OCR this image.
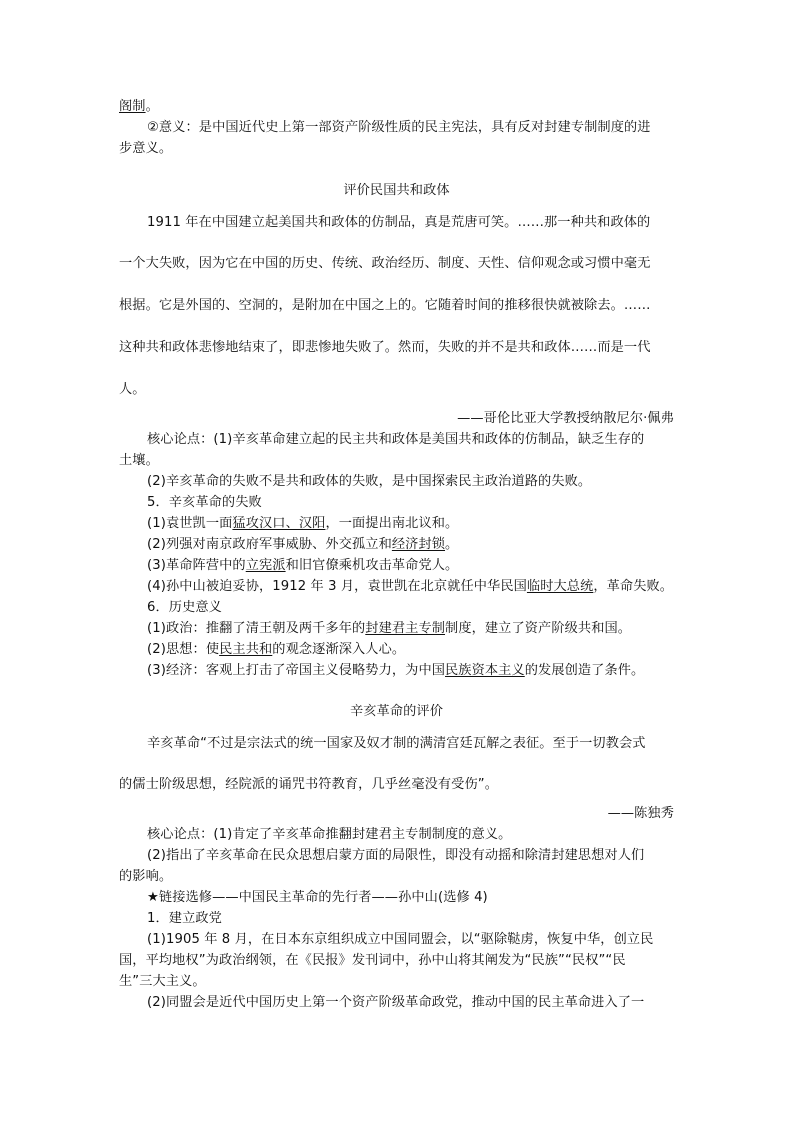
阁制。
②意义：是中国近代史上第一部资产阶级性质的民主宪法，具有反对封建专制制度的进
步意义。
评价民国共和政体
1911 年在中国建立起美国共和政体的仿制品，真是荒唐可笑。……那一种共和政体的
一个大失败，因为它在中国的历史、传统、政治经历、制度、天性、信仰观念或习惯中毫无
根据。它是外国的、空洞的，是附加在中国之上的。它随着时间的推移很快就被除去。……
这种共和政体悲惨地结束了，即悲惨地失败了。然而，失败的并不是共和政体……而是一代
人。
——哥伦比亚大学教授纳散尼尔·佩弗
核心论点：(1)辛亥革命建立起的民主共和政体是美国共和政体的仿制品，缺乏生存的
土壤。
(2)辛亥革命的失败不是共和政体的失败，是中国探索民主政治道路的失败。
5．辛亥革命的失败
(1)袁世凯一面猛攻汉口、汉阳，一面提出南北议和。
(2)列强对南京政府军事威胁、外交孤立和经济封锁。
(3)革命阵营中的立宪派和旧官僚乘机攻击革命党人。
(4)孙中山被迫妥协，1912 年 3 月，袁世凯在北京就任中华民国临时大总统，革命失败。
6．历史意义
(1)政治：推翻了清王朝及两千多年的封建君主专制制度，建立了资产阶级共和国。
(2)思想：使民主共和的观念逐渐深入人心。
(3)经济：客观上打击了帝国主义侵略势力，为中国民族资本主义的发展创造了条件。
辛亥革命的评价
辛亥革命“不过是宗法式的统一国家及奴才制的满清宫廷瓦解之表征。至于一切教会式
的儒士阶级思想，经院派的诵咒书符教育，几乎丝毫没有受伤”。
——陈独秀
核心论点：(1)肯定了辛亥革命推翻封建君主专制制度的意义。
(2)指出了辛亥革命在民众思想启蒙方面的局限性，即没有动摇和除清封建思想对人们
的影响。
★链接选修——中国民主革命的先行者——孙中山(选修 4)
1．建立政党
(1)1905 年 8 月，在日本东京组织成立中国同盟会，以“驱除鞑虏，恢复中华，创立民
国，平均地权”为政治纲领，在《民报》发刊词中，孙中山将其阐发为“民族”“民权”“民
生”三大主义。
(2)同盟会是近代中国历史上第一个资产阶级革命政党，推动中国的民主革命进入了一
